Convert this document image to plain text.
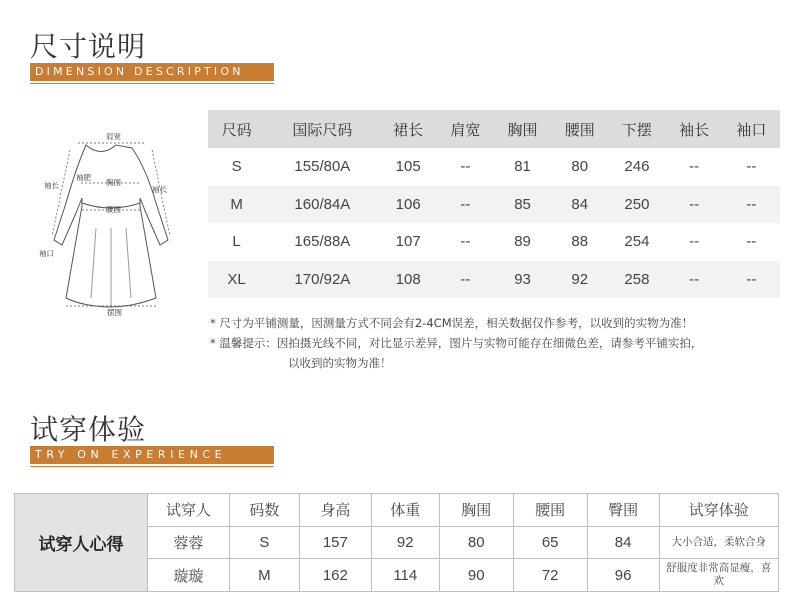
尺寸说明
DIMENSION DESCRIPTION
肩宽
袖长
袖肥
胸围
腰围
袖长
袖口
摆围
尺码	国际尺码	裙长	肩宽	胸围	腰围	下摆	袖长	袖口
S	155/80A	105	--	81	80	246	--	--
M	160/84A	106	--	85	84	250	--	--
L	165/88A	107	--	89	88	254	--	--
XL	170/92A	108	--	93	92	258	--	--
* 尺寸为平铺测量，因测量方式不同会有2-4CM误差，相关数据仅作参考，以收到的实物为准！
* 温馨提示：因拍摄光线不同，对比显示差异，图片与实物可能存在细微色差，请参考平铺实拍，
以收到的实物为准！
试穿体验
TRY ON EXPERIENCE
试穿人心得
试穿人	码数	身高	体重	胸围	腰围	臀围	试穿体验
蓉蓉	S	157	92	80	65	84	大小合适，柔软合身
璇璇	M	162	114	90	72	96	舒服度非常高显瘦，喜欢
